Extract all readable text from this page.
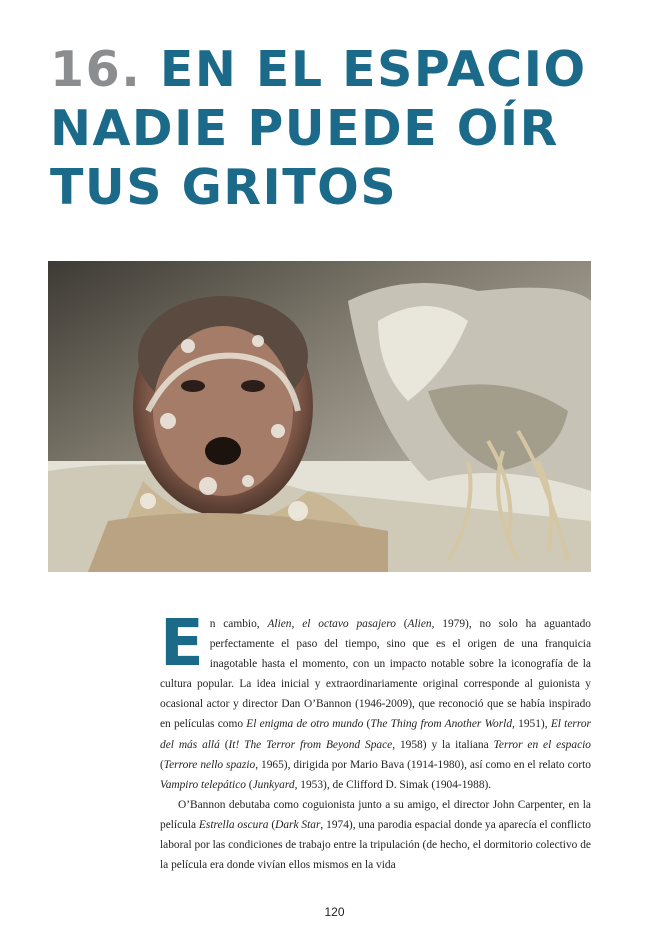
16. EN EL ESPACIO
NADIE PUEDE OÍR
TUS GRITOS

En cambio, Alien, el octavo pasajero (Alien, 1979), no solo ha aguantado perfectamente el paso del tiempo, sino que es el origen de una franquicia inagotable hasta el momento, con un impacto notable sobre la iconografía de la cultura popular. La idea inicial y extraordinariamente original corresponde al guionista y ocasional actor y director Dan O’Bannon (1946-2009), que reconoció que se había inspirado en películas como El enigma de otro mundo (The Thing from Another World, 1951), El terror del más allá (It! The Terror from Beyond Space, 1958) y la italiana Terror en el espacio (Terrore nello spazio, 1965), dirigida por Mario Bava (1914-1980), así como en el relato corto Vampiro telepático (Junkyard, 1953), de Clifford D. Simak (1904-1988).

O’Bannon debutaba como coguionista junto a su amigo, el director John Carpenter, en la película Estrella oscura (Dark Star, 1974), una parodia espacial donde ya aparecía el conflicto laboral por las condiciones de trabajo entre la tripulación (de hecho, el dormitorio colectivo de la película era donde vivían ellos mismos en la vida

120
